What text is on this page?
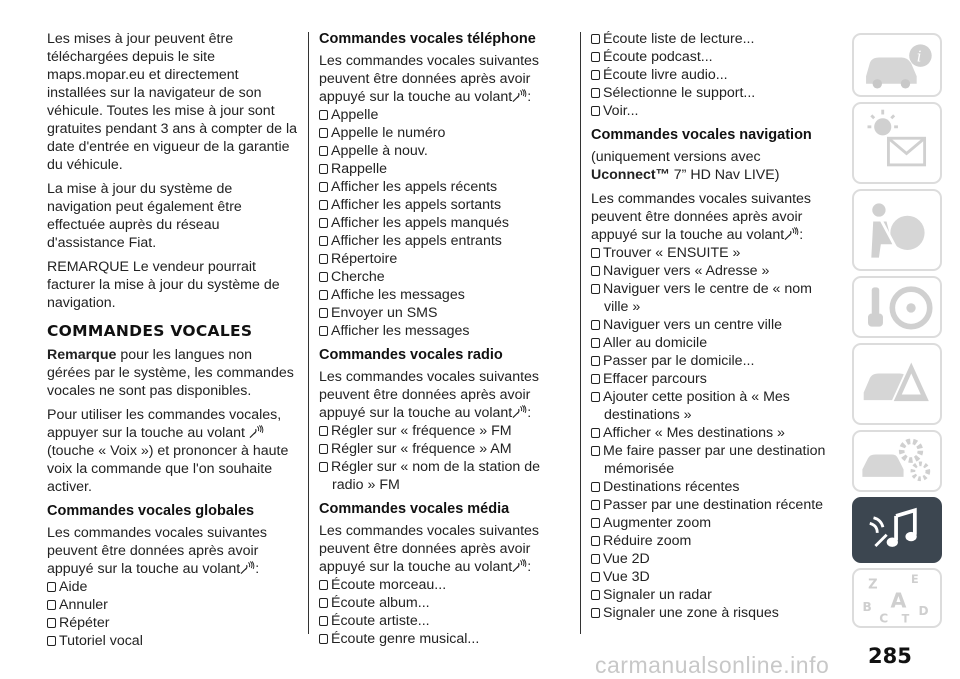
Les mises à jour peuvent être téléchargées depuis le site maps.mopar.eu et directement installées sur la navigateur de son véhicule. Toutes les mise à jour sont gratuites pendant 3 ans à compter de la date d'entrée en vigueur de la garantie du véhicule.

La mise à jour du système de navigation peut également être effectuée auprès du réseau d'assistance Fiat.

REMARQUE Le vendeur pourrait facturer la mise à jour du système de navigation.

COMMANDES VOCALES

Remarque pour les langues non gérées par le système, les commandes vocales ne sont pas disponibles.

Pour utiliser les commandes vocales, appuyer sur la touche au volant  (touche « Voix ») et prononcer à haute voix la commande que l'on souhaite activer.

Commandes vocales globales

Les commandes vocales suivantes peuvent être données après avoir appuyé sur la touche au volant :

Aide
Annuler
Répéter
Tutoriel vocal
Commandes vocales téléphone

Les commandes vocales suivantes peuvent être données après avoir appuyé sur la touche au volant :

Appelle
Appelle le numéro
Appelle à nouv.
Rappelle
Afficher les appels récents
Afficher les appels sortants
Afficher les appels manqués
Afficher les appels entrants
Répertoire
Cherche
Affiche les messages
Envoyer un SMS
Afficher les messages
Commandes vocales radio

Les commandes vocales suivantes peuvent être données après avoir appuyé sur la touche au volant :

Régler sur « fréquence » FM
Régler sur « fréquence » AM
Régler sur « nom de la station de radio » FM
Commandes vocales média

Les commandes vocales suivantes peuvent être données après avoir appuyé sur la touche au volant :

Écoute morceau...
Écoute album...
Écoute artiste...
Écoute genre musical...
Écoute liste de lecture...
Écoute podcast...
Écoute livre audio...
Sélectionne le support...
Voir...
Commandes vocales navigation

(uniquement versions avec
Uconnect™ 7” HD Nav LIVE)

Les commandes vocales suivantes peuvent être données après avoir appuyé sur la touche au volant :

Trouver « ENSUITE »
Naviguer vers « Adresse »
Naviguer vers le centre de « nom ville »
Naviguer vers un centre ville
Aller au domicile
Passer par le domicile...
Effacer parcours
Ajouter cette position à « Mes destinations »
Afficher « Mes destinations »
Me faire passer par une destination mémorisée
Destinations récentes
Passer par une destination récente
Augmenter zoom
Réduire zoom
Vue 2D
Vue 3D
Signaler un radar
Signaler une zone à risques
i
Z	E
A
B
C T
D
285
carmanualsonline.info
